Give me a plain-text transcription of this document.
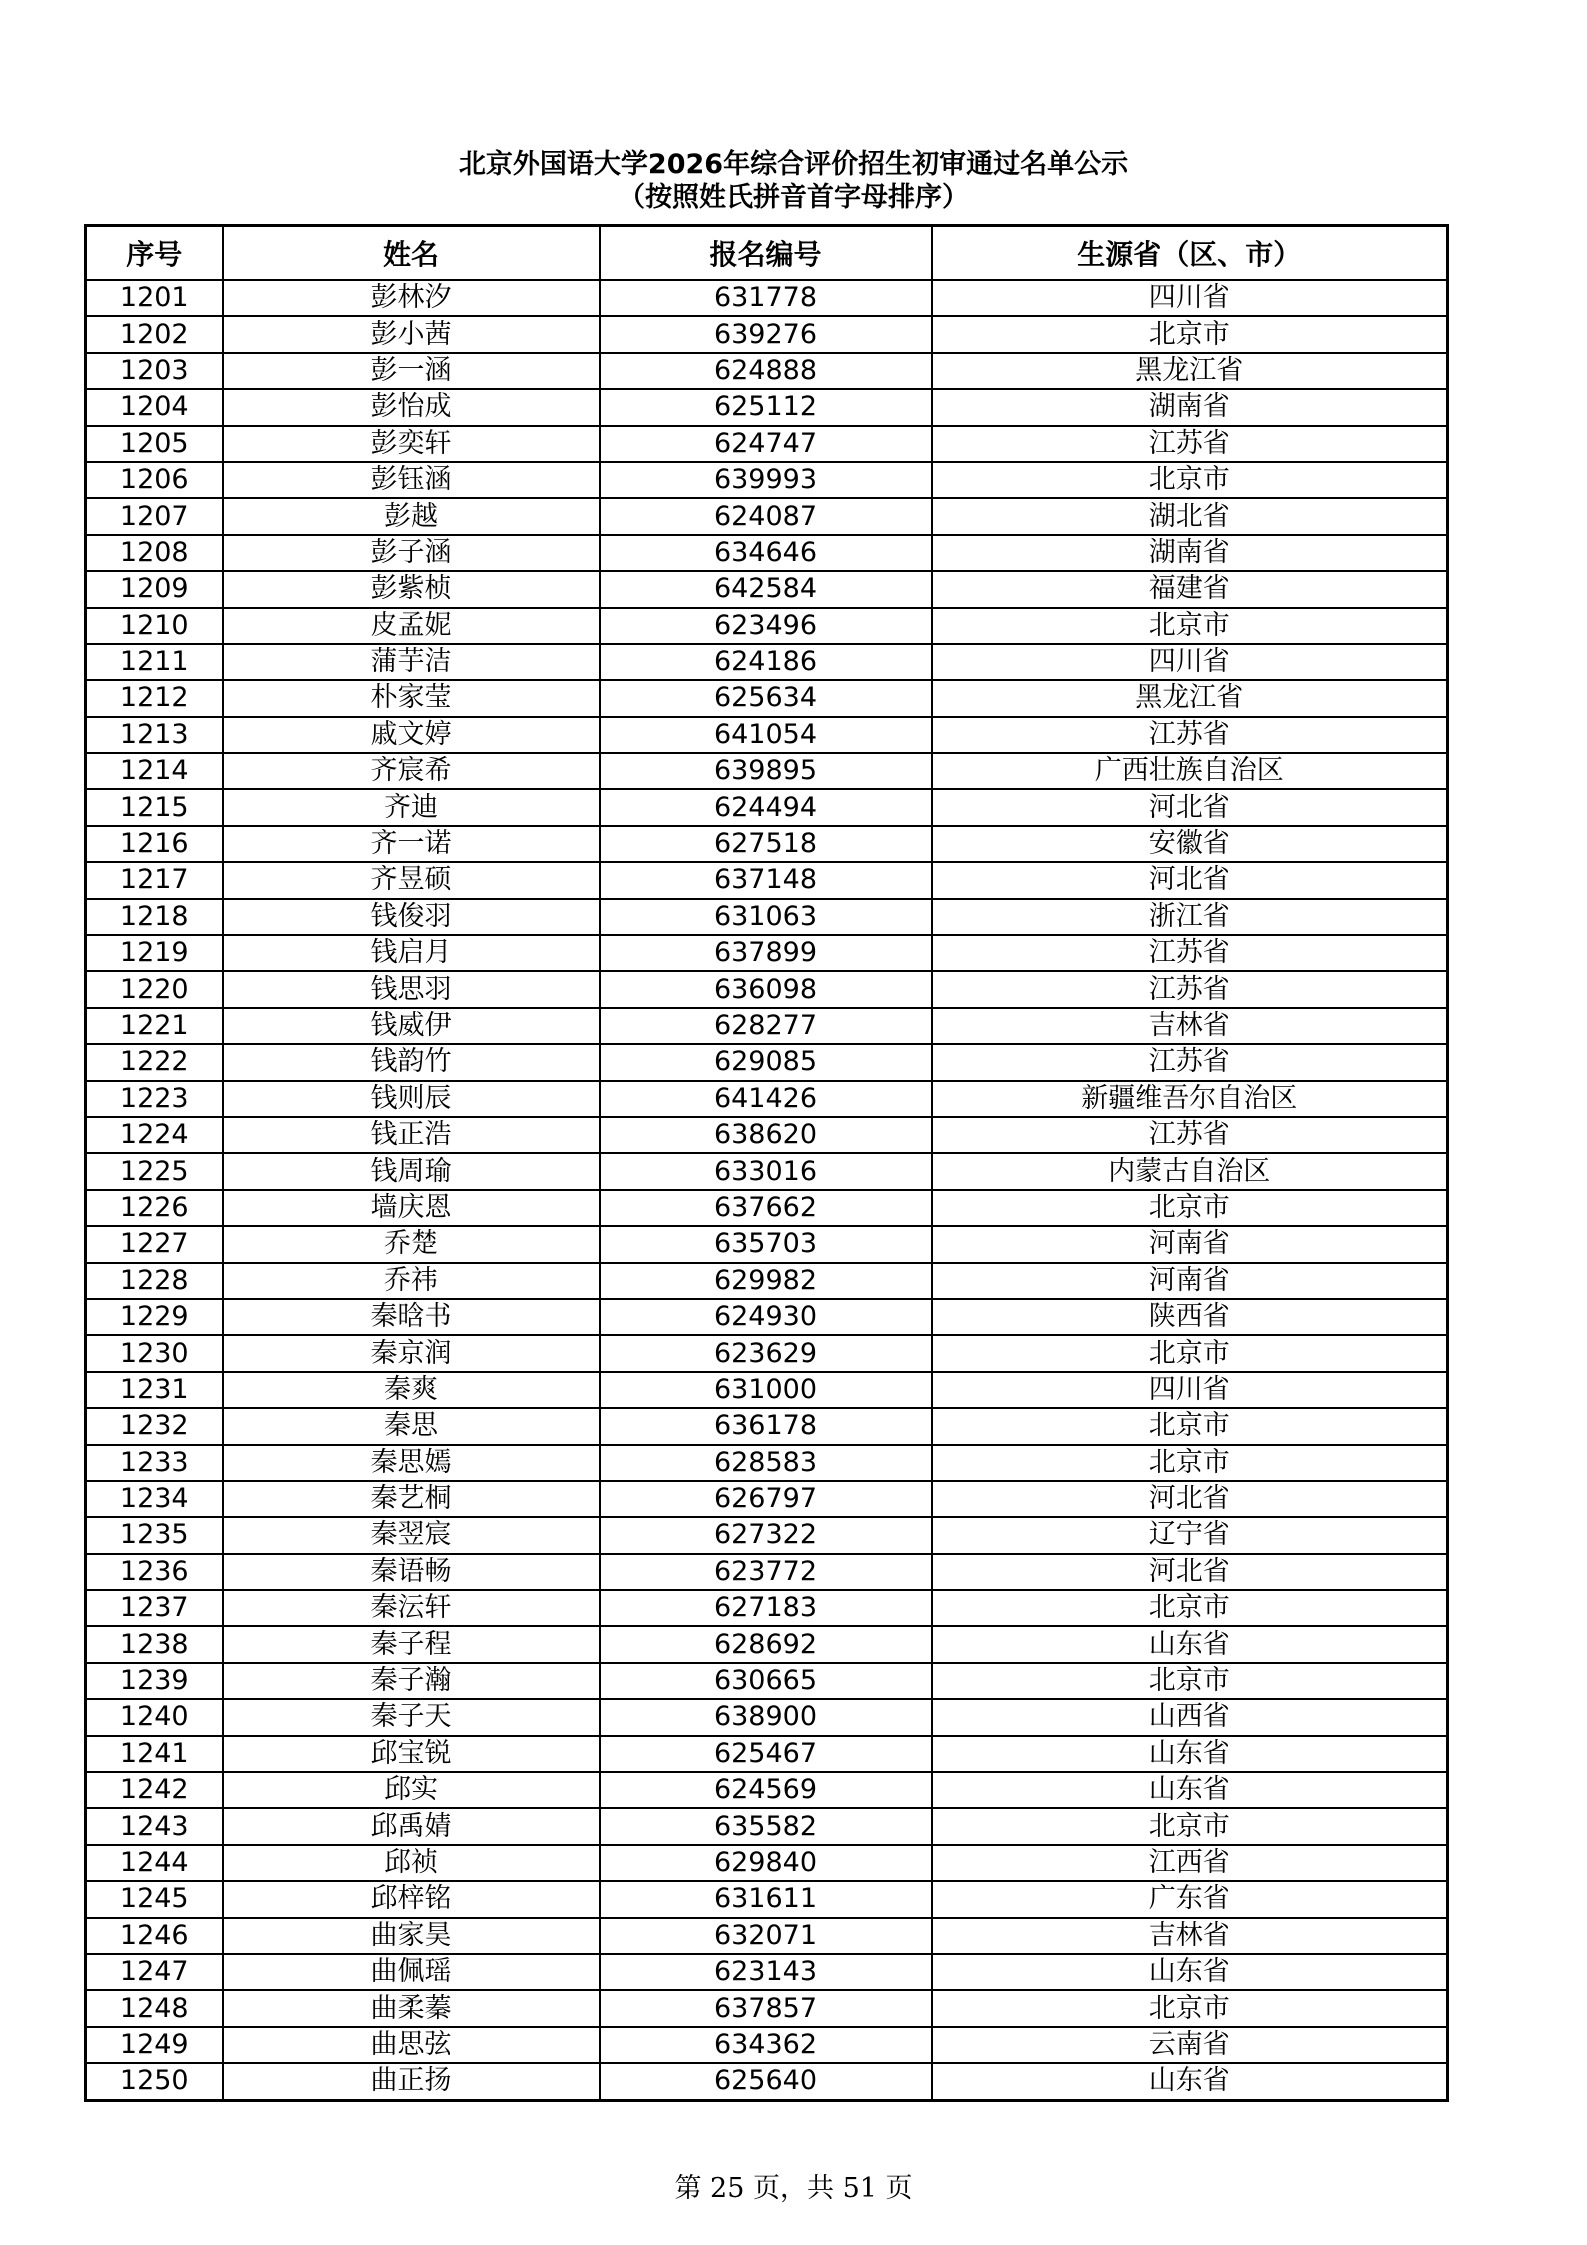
北京外国语大学2026年综合评价招生初审通过名单公示
（按照姓氏拼音首字母排序）
序号	姓名	报名编号	生源省（区、市）
1201	彭林汐	631778	四川省
1202	彭小茜	639276	北京市
1203	彭一涵	624888	黑龙江省
1204	彭怡成	625112	湖南省
1205	彭奕轩	624747	江苏省
1206	彭钰涵	639993	北京市
1207	彭越	624087	湖北省
1208	彭子涵	634646	湖南省
1209	彭紫桢	642584	福建省
1210	皮孟妮	623496	北京市
1211	蒲芋洁	624186	四川省
1212	朴家莹	625634	黑龙江省
1213	戚文婷	641054	江苏省
1214	齐宸希	639895	广西壮族自治区
1215	齐迪	624494	河北省
1216	齐一诺	627518	安徽省
1217	齐昱硕	637148	河北省
1218	钱俊羽	631063	浙江省
1219	钱启月	637899	江苏省
1220	钱思羽	636098	江苏省
1221	钱威伊	628277	吉林省
1222	钱韵竹	629085	江苏省
1223	钱则辰	641426	新疆维吾尔自治区
1224	钱正浩	638620	江苏省
1225	钱周瑜	633016	内蒙古自治区
1226	墙庆恩	637662	北京市
1227	乔楚	635703	河南省
1228	乔祎	629982	河南省
1229	秦晗书	624930	陕西省
1230	秦京润	623629	北京市
1231	秦爽	631000	四川省
1232	秦思	636178	北京市
1233	秦思嫣	628583	北京市
1234	秦艺桐	626797	河北省
1235	秦翌宸	627322	辽宁省
1236	秦语畅	623772	河北省
1237	秦沄轩	627183	北京市
1238	秦子程	628692	山东省
1239	秦子瀚	630665	北京市
1240	秦子天	638900	山西省
1241	邱宝锐	625467	山东省
1242	邱实	624569	山东省
1243	邱禹婧	635582	北京市
1244	邱祯	629840	江西省
1245	邱梓铭	631611	广东省
1246	曲家昊	632071	吉林省
1247	曲佩瑶	623143	山东省
1248	曲柔蓁	637857	北京市
1249	曲思弦	634362	云南省
1250	曲正扬	625640	山东省
第 25 页，共 51 页
